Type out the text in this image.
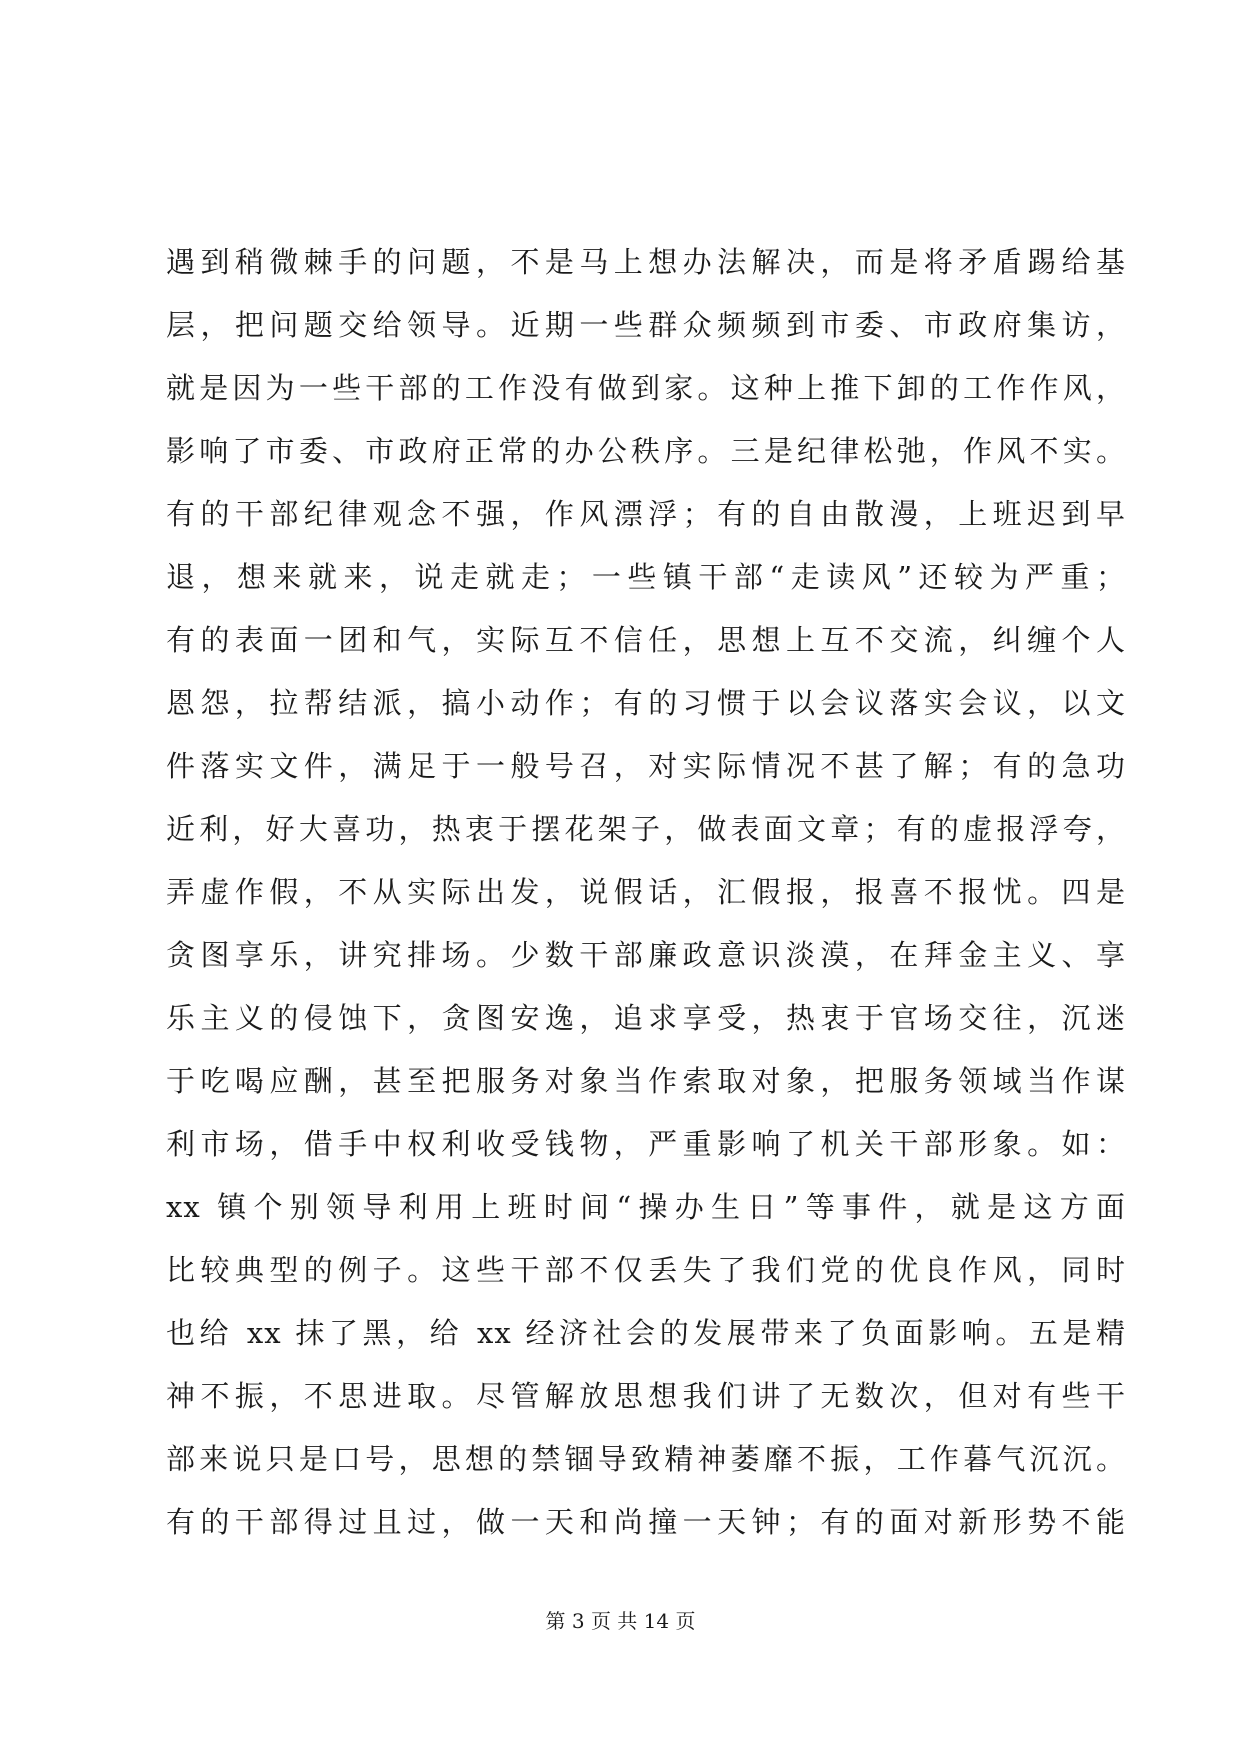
遇到稍微棘手的问题，不是马上想办法解决，而是将矛盾踢给基
层，把问题交给领导。近期一些群众频频到市委、市政府集访，
就是因为一些干部的工作没有做到家。这种上推下卸的工作作风，
影响了市委、市政府正常的办公秩序。三是纪律松弛，作风不实。
有的干部纪律观念不强，作风漂浮；有的自由散漫，上班迟到早
退，想来就来，说走就走；一些镇干部“走读风”还较为严重；
有的表面一团和气，实际互不信任，思想上互不交流，纠缠个人
恩怨，拉帮结派，搞小动作；有的习惯于以会议落实会议，以文
件落实文件，满足于一般号召，对实际情况不甚了解；有的急功
近利，好大喜功，热衷于摆花架子，做表面文章；有的虚报浮夸，
弄虚作假，不从实际出发，说假话，汇假报，报喜不报忧。四是
贪图享乐，讲究排场。少数干部廉政意识淡漠，在拜金主义、享
乐主义的侵蚀下，贪图安逸，追求享受，热衷于官场交往，沉迷
于吃喝应酬，甚至把服务对象当作索取对象，把服务领域当作谋
利市场，借手中权利收受钱物，严重影响了机关干部形象。如：
xx 镇个别领导利用上班时间“操办生日”等事件，就是这方面
比较典型的例子。这些干部不仅丢失了我们党的优良作风，同时
也给 xx 抹了黑，给 xx 经济社会的发展带来了负面影响。五是精
神不振，不思进取。尽管解放思想我们讲了无数次，但对有些干
部来说只是口号，思想的禁锢导致精神萎靡不振，工作暮气沉沉。
有的干部得过且过，做一天和尚撞一天钟；有的面对新形势不能
第 3 页 共 14 页
